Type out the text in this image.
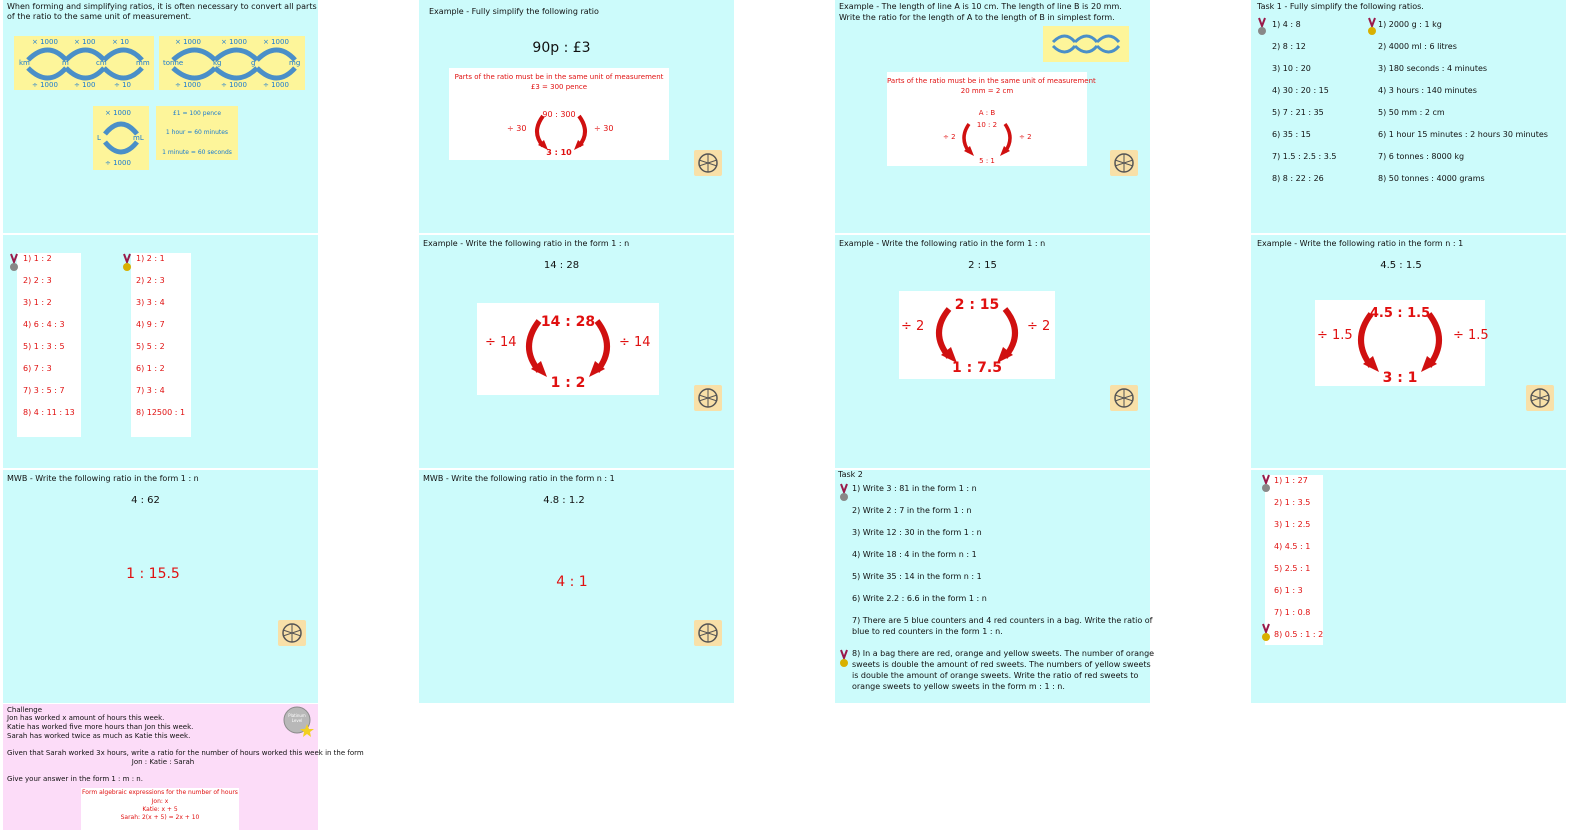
When forming and simplifying ratios, it is often necessary to convert all parts
of the ratio to the same unit of measurement.
× 1000 × 100 × 10
km	m	cm	mm
÷ 1000 ÷ 100	÷ 10
× 1000	× 1000 × 1000
tonne	kg	g	mg
÷ 1000	÷ 1000 ÷ 1000
× 1000
L	mL
÷ 1000
£1 = 100 pence
1 hour = 60 minutes
1 minute = 60 seconds
Example - Fully simplify the following ratio
90p : £3
Parts of the ratio must be in the same unit of measurement
£3 = 300 pence
90 : 300
÷ 30	÷ 30
3 : 10
Example - The length of line A is 10 cm. The length of line B is 20 mm.
Write the ratio for the length of A to the length of B in simplest form.
Parts of the ratio must be in the same unit of measurement
20 mm = 2 cm
A : B
10 : 2
÷ 2	÷ 2
5 : 1
Task 1 - Fully simplify the following ratios.
1) 4 : 8
2) 8 : 12
3) 10 : 20
4) 30 : 20 : 15
5) 7 : 21 : 35
6) 35 : 15
7) 1.5 : 2.5 : 3.5
8) 8 : 22 : 26
1) 2000 g : 1 kg
2) 4000 ml : 6 litres
3) 180 seconds : 4 minutes
4) 3 hours : 140 minutes
5) 50 mm : 2 cm
6) 1 hour 15 minutes : 2 hours 30 minutes
7) 6 tonnes : 8000 kg
8) 50 tonnes : 4000 grams
1) 1 : 2
2) 2 : 3
3) 1 : 2
4) 6 : 4 : 3
5) 1 : 3 : 5
6) 7 : 3
7) 3 : 5 : 7
8) 4 : 11 : 13
1) 2 : 1
2) 2 : 3
3) 3 : 4
4) 9 : 7
5) 5 : 2
6) 1 : 2
7) 3 : 4
8) 12500 : 1
Example - Write the following ratio in the form 1 : n
14 : 28
14 : 28
÷ 14	÷ 14
1 : 2
Example - Write the following ratio in the form 1 : n
2 : 15
2 : 15
÷ 2	÷ 2
1 : 7.5
Example - Write the following ratio in the form n : 1
4.5 : 1.5
4.5 : 1.5
÷ 1.5	÷ 1.5
3 : 1
MWB - Write the following ratio in the form 1 : n
4 : 62
1 : 15.5
MWB - Write the following ratio in the form n : 1
4.8 : 1.2
4 : 1
Task 2
1) Write 3 : 81 in the form 1 : n
2) Write 2 : 7 in the form 1 : n
3) Write 12 : 30 in the form 1 : n
4) Write 18 : 4 in the form n : 1
5) Write 35 : 14 in the form n : 1
6) Write 2.2 : 6.6 in the form 1 : n
7) There are 5 blue counters and 4 red counters in a bag. Write the ratio of
blue to red counters in the form 1 : n.
8) In a bag there are red, orange and yellow sweets. The number of orange
sweets is double the amount of red sweets. The numbers of yellow sweets
is double the amount of orange sweets. Write the ratio of red sweets to
orange sweets to yellow sweets in the form m : 1 : n.
1) 1 : 27
2) 1 : 3.5
3) 1 : 2.5
4) 4.5 : 1
5) 2.5 : 1
6) 1 : 3
7) 1 : 0.8
8) 0.5 : 1 : 2
Challenge
Jon has worked x amount of hours this week.
Katie has worked five more hours than Jon this week.
Sarah has worked twice as much as Katie this week.
Given that Sarah worked 3x hours, write a ratio for the number of hours worked this week in the form
Jon : Katie : Sarah
Give your answer in the form 1 : m : n.
Form algebraic expressions for the number of hours
Jon: x
Katie: x + 5
Sarah: 2(x + 5) = 2x + 10
Platinum
Level
